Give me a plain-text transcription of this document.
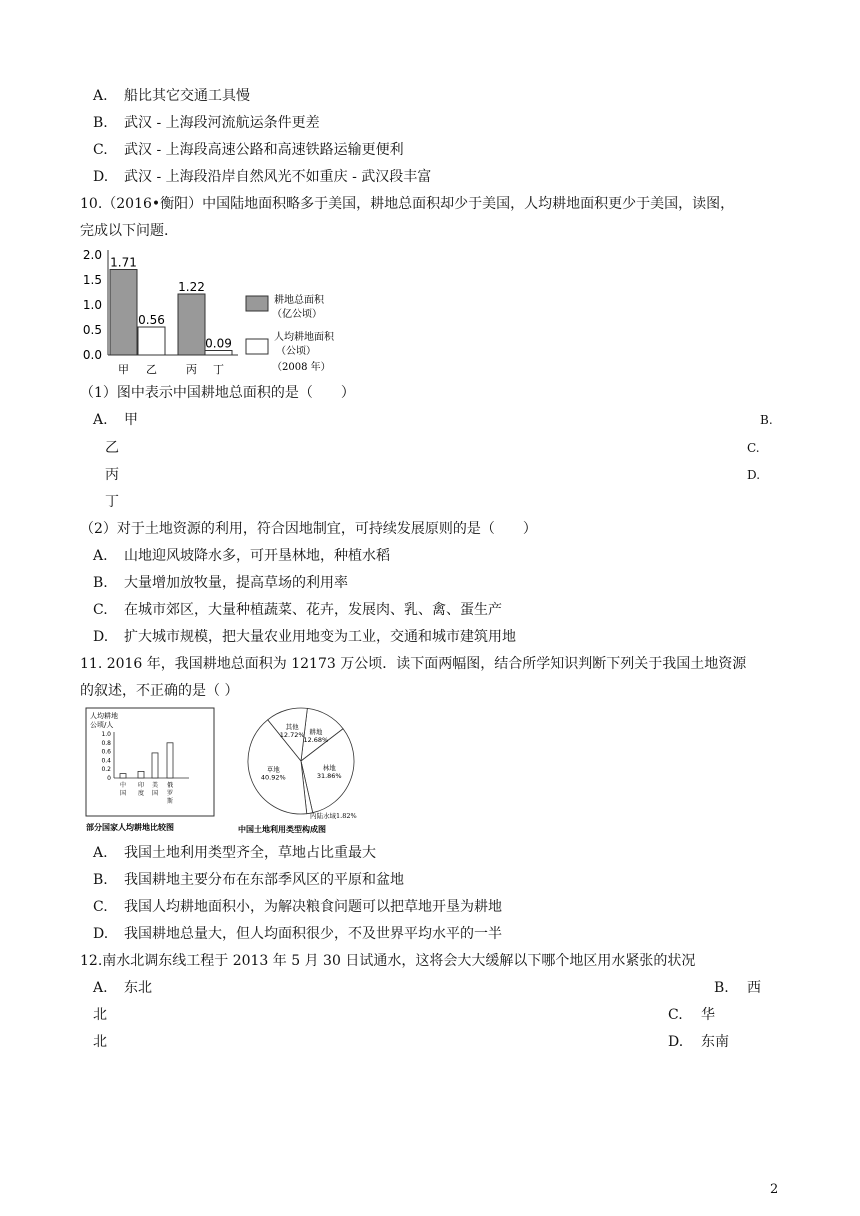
A. 船比其它交通工具慢
B. 武汉 - 上海段河流航运条件更差
C. 武汉 - 上海段高速公路和高速铁路运输更便利
D. 武汉 - 上海段沿岸自然风光不如重庆 - 武汉段丰富
10.（2016•衡阳）中国陆地面积略多于美国，耕地总面积却少于美国，人均耕地面积更少于美国，读图，
完成以下问题.
0.0
0.5
1.0
1.5
2.0
1.71
0.56
1.22
0.09
甲 乙	丙 丁
耕地总面积
（亿公顷）
人均耕地面积
（公顷）
（2008 年）
（1）图中表示中国耕地总面积的是（　　）
A. 甲	B.
乙	C.
丙	D.
丁
（2）对于土地资源的利用，符合因地制宜，可持续发展原则的是（　　）
A. 山地迎风坡降水多，可开垦林地，种植水稻
B. 大量增加放牧量，提高草场的利用率
C. 在城市郊区，大量种植蔬菜、花卉，发展肉、乳、禽、蛋生产
D. 扩大城市规模，把大量农业用地变为工业，交通和城市建筑用地
11. 2016 年，我国耕地总面积为 12173 万公顷．读下面两幅图，结合所学知识判断下列关于我国土地资源
的叙述，不正确的是（ ）
人均耕地
公顷/人
1.0
0.8
0.6
0.4
0.2
0
中
国
印
度
美
国
俄
罗
斯
部分国家人均耕地比较图
耕地
12.68%
林地
31.86%
内陆水域1.82%
草地
40.92%
其他
12.72%
中国土地利用类型构成图
A. 我国土地利用类型齐全，草地占比重最大
B. 我国耕地主要分布在东部季风区的平原和盆地
C. 我国人均耕地面积小，为解决粮食问题可以把草地开垦为耕地
D. 我国耕地总量大，但人均面积很少，不及世界平均水平的一半
12.南水北调东线工程于 2013 年 5 月 30 日试通水，这将会大大缓解以下哪个地区用水紧张的状况
A. 东北	B. 西
北	C. 华
北	D. 东南
2
